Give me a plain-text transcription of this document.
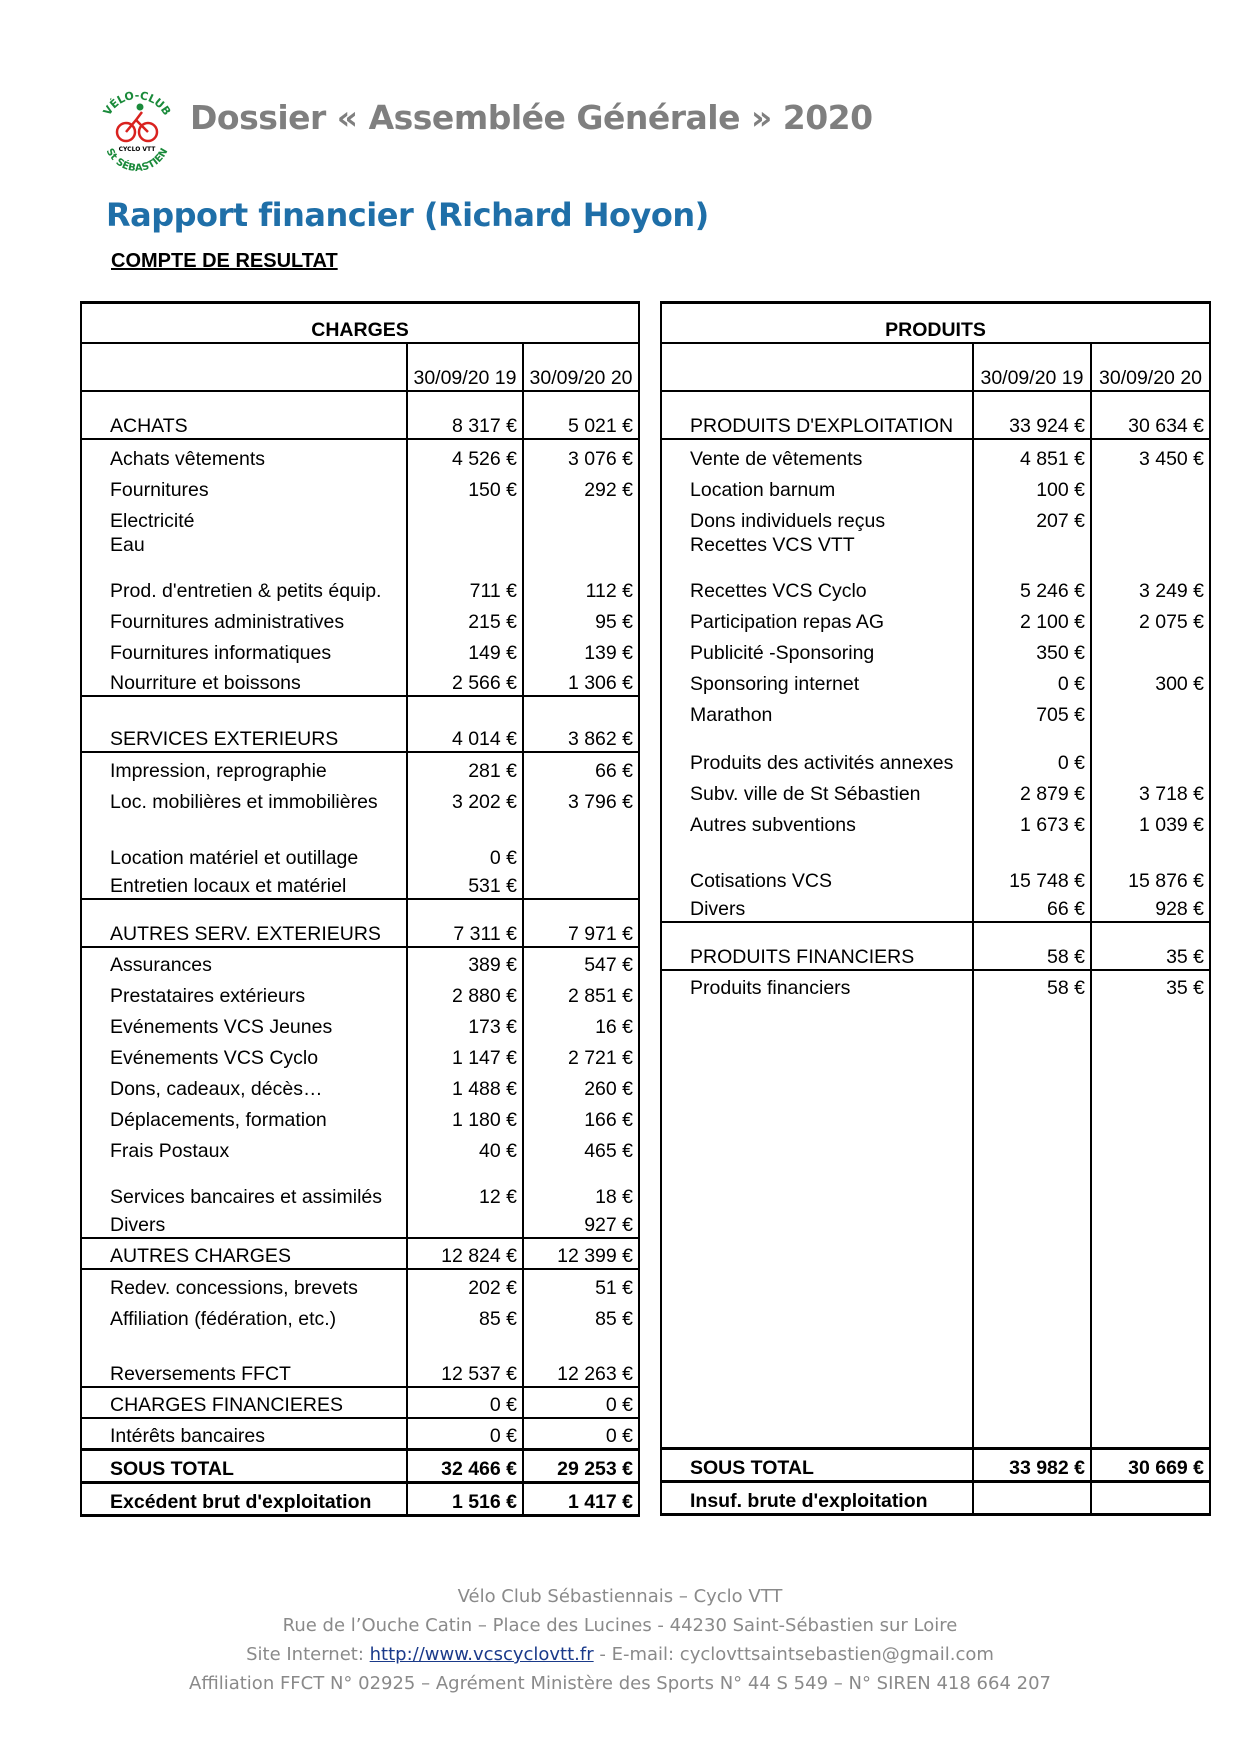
VÉLO-CLUB
St SÉBASTIEN
CYCLO VTT
Dossier « Assemblée Générale » 2020
Rapport financier (Richard Hoyon)
COMPTE DE RESULTAT
CHARGES		
	30/09/20 19	30/09/20 20
ACHATS	8 317 €	5 021 €
Achats vêtements	4 526 €	3 076 €
Fournitures	150 €	292 €
Electricité		
Eau		
Prod. d'entretien & petits équip.	711 €	112 €
Fournitures administratives	215 €	95 €
Fournitures informatiques	149 €	139 €
Nourriture et boissons	2 566 €	1 306 €
SERVICES EXTERIEURS	4 014 €	3 862 €
Impression, reprographie	281 €	66 €
Loc. mobilières et immobilières	3 202 €	3 796 €
Location matériel et outillage	0 €	
Entretien locaux et matériel	531 €	
AUTRES SERV. EXTERIEURS	7 311 €	7 971 €
Assurances	389 €	547 €
Prestataires extérieurs	2 880 €	2 851 €
Evénements VCS Jeunes	173 €	16 €
Evénements VCS Cyclo	1 147 €	2 721 €
Dons, cadeaux, décès…	1 488 €	260 €
Déplacements, formation	1 180 €	166 €
Frais Postaux	40 €	465 €
Services bancaires et assimilés	12 €	18 €
Divers		927 €
AUTRES CHARGES	12 824 €	12 399 €
Redev. concessions, brevets	202 €	51 €
Affiliation (fédération, etc.)	85 €	85 €
Reversements FFCT	12 537 €	12 263 €
CHARGES FINANCIERES	0 €	0 €
Intérêts bancaires	0 €	0 €
SOUS TOTAL	32 466 €	29 253 €
Excédent brut d'exploitation	1 516 €	1 417 €
PRODUITS		
	30/09/20 19	30/09/20 20
PRODUITS D'EXPLOITATION	33 924 €	30 634 €
Vente de vêtements	4 851 €	3 450 €
Location barnum	100 €	
Dons individuels reçus	207 €	
Recettes VCS VTT		
Recettes VCS Cyclo	5 246 €	3 249 €
Participation repas AG	2 100 €	2 075 €
Publicité -Sponsoring	350 €	
Sponsoring internet	0 €	300 €
Marathon	705 €	
Produits des activités annexes	0 €	
Subv. ville de St Sébastien	2 879 €	3 718 €
Autres subventions	1 673 €	1 039 €
Cotisations VCS	15 748 €	15 876 €
Divers	66 €	928 €
PRODUITS FINANCIERS	58 €	35 €
Produits financiers	58 €	35 €

SOUS TOTAL	33 982 €	30 669 €
Insuf. brute d'exploitation		
Vélo Club Sébastiennais – Cyclo VTT
Rue de l’Ouche Catin – Place des Lucines - 44230 Saint-Sébastien sur Loire
Site Internet: http://www.vcscyclovtt.fr - E-mail: cyclovttsaintsebastien@gmail.com
Affiliation FFCT N° 02925 – Agrément Ministère des Sports N° 44 S 549 – N° SIREN 418 664 207
